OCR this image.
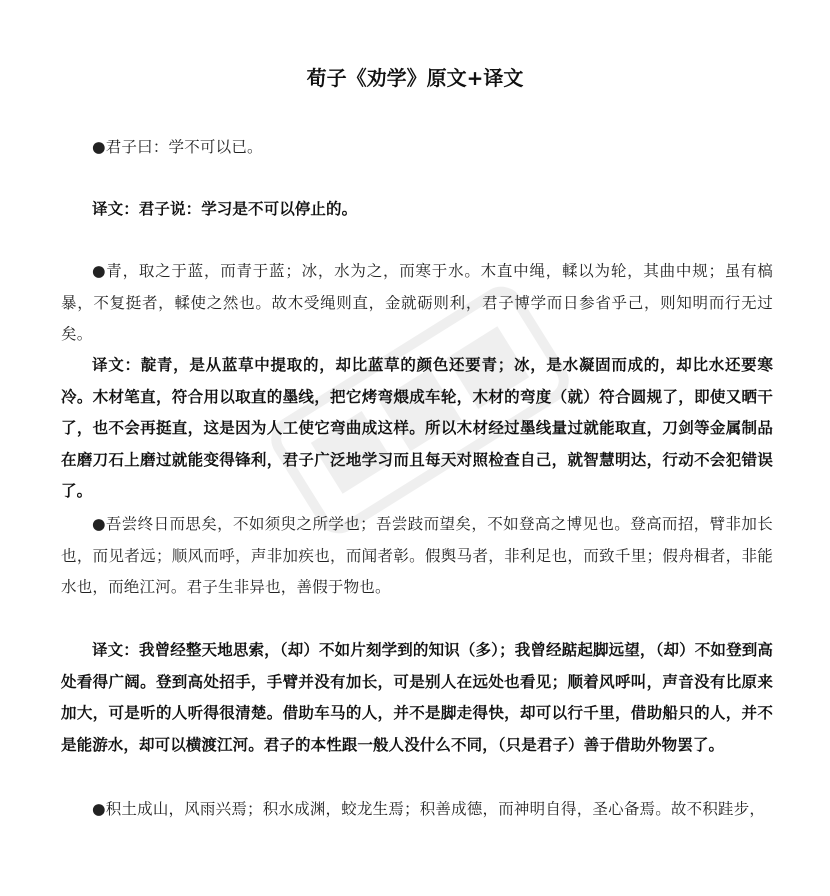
荀子《劝学》原文+译文

●君子曰：学不可以已。

译文：君子说：学习是不可以停止的。

●青，取之于蓝，而青于蓝；冰，水为之，而寒于水。木直中绳，輮以为轮，其曲中规；虽有槁暴，不复挺者，輮使之然也。故木受绳则直，金就砺则利，君子博学而日参省乎己，则知明而行无过矣。

译文：靛青，是从蓝草中提取的，却比蓝草的颜色还要青；冰，是水凝固而成的，却比水还要寒冷。木材笔直，符合用以取直的墨线，把它烤弯煨成车轮，木材的弯度（就）符合圆规了，即使又晒干了，也不会再挺直，这是因为人工使它弯曲成这样。所以木材经过墨线量过就能取直，刀剑等金属制品在磨刀石上磨过就能变得锋利，君子广泛地学习而且每天对照检查自己，就智慧明达，行动不会犯错误了。

●吾尝终日而思矣，不如须臾之所学也；吾尝跂而望矣，不如登高之博见也。登高而招，臂非加长也，而见者远；顺风而呼，声非加疾也，而闻者彰。假舆马者，非利足也，而致千里；假舟楫者，非能水也，而绝江河。君子生非异也，善假于物也。

译文：我曾经整天地思索，（却）不如片刻学到的知识（多）；我曾经踮起脚远望，（却）不如登到高处看得广阔。登到高处招手，手臂并没有加长，可是别人在远处也看见；顺着风呼叫，声音没有比原来加大，可是听的人听得很清楚。借助车马的人，并不是脚走得快，却可以行千里，借助船只的人，并不是能游水，却可以横渡江河。君子的本性跟一般人没什么不同，（只是君子）善于借助外物罢了。

●积土成山，风雨兴焉；积水成渊，蛟龙生焉；积善成德，而神明自得，圣心备焉。故不积跬步，
